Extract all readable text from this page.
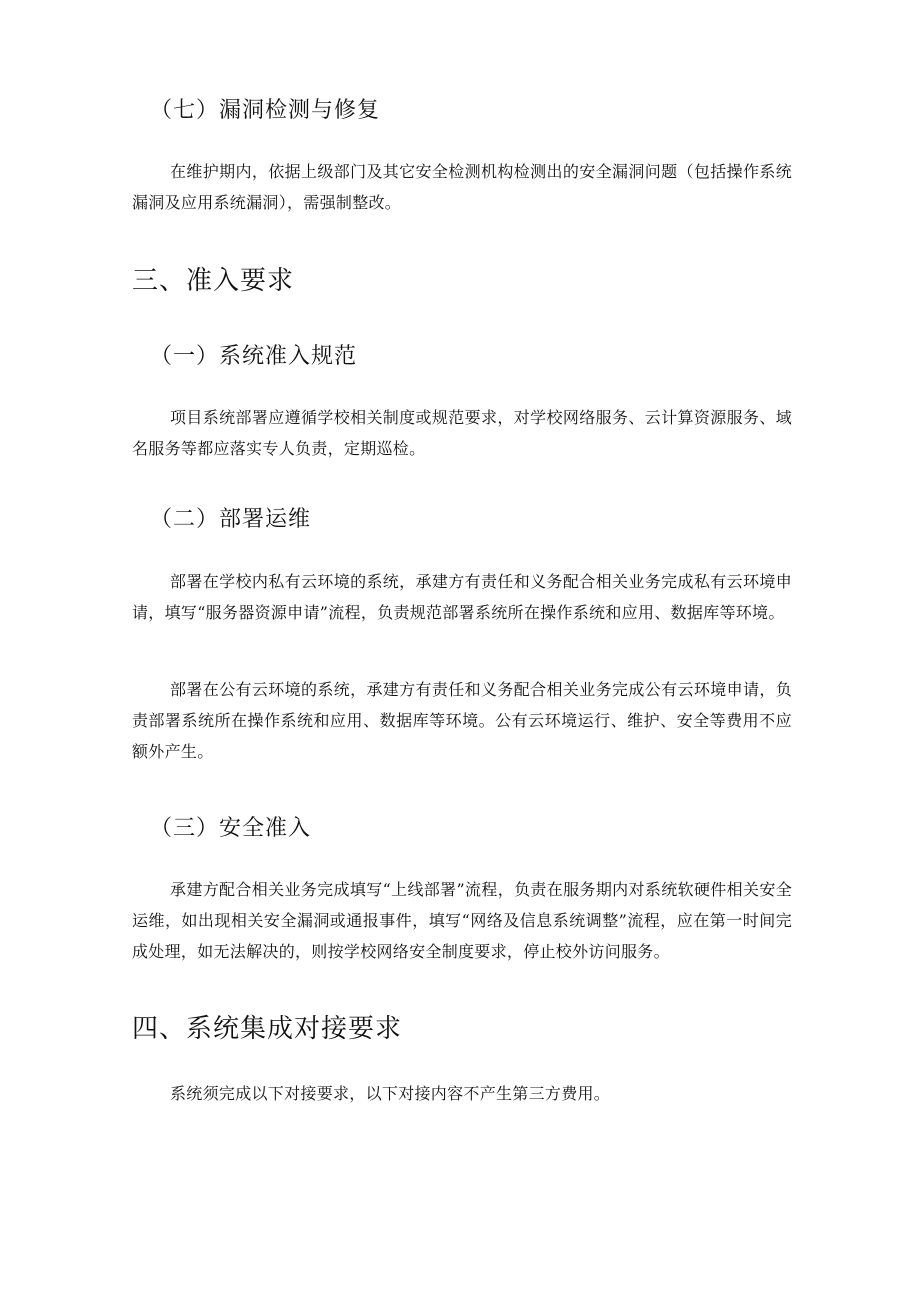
（七）漏洞检测与修复

在维护期内，依据上级部门及其它安全检测机构检测出的安全漏洞问题（包括操作系统漏洞及应用系统漏洞），需强制整改。

三、准入要求

（一）系统准入规范

项目系统部署应遵循学校相关制度或规范要求，对学校网络服务、云计算资源服务、域名服务等都应落实专人负责，定期巡检。

（二）部署运维

部署在学校内私有云环境的系统，承建方有责任和义务配合相关业务完成私有云环境申请，填写“服务器资源申请”流程，负责规范部署系统所在操作系统和应用、数据库等环境。

部署在公有云环境的系统，承建方有责任和义务配合相关业务完成公有云环境申请，负责部署系统所在操作系统和应用、数据库等环境。公有云环境运行、维护、安全等费用不应额外产生。

（三）安全准入

承建方配合相关业务完成填写“上线部署”流程，负责在服务期内对系统软硬件相关安全运维，如出现相关安全漏洞或通报事件，填写“网络及信息系统调整”流程，应在第一时间完成处理，如无法解决的，则按学校网络安全制度要求，停止校外访问服务。

四、系统集成对接要求

系统须完成以下对接要求，以下对接内容不产生第三方费用。
